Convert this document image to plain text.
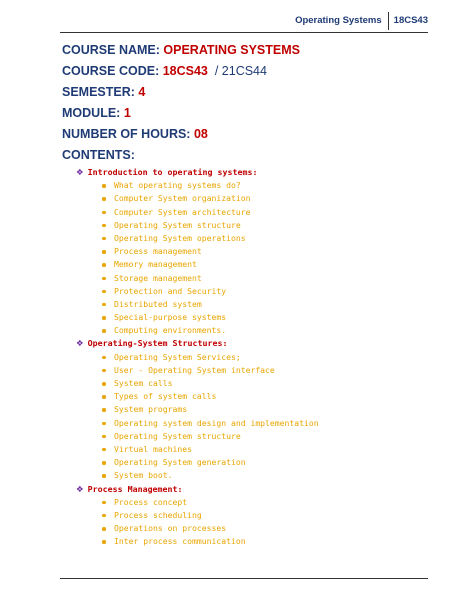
Operating Systems	18CS43
COURSE NAME: OPERATING SYSTEMS
COURSE CODE: 18CS43 / 21CS44
SEMESTER: 4
MODULE: 1
NUMBER OF HOURS: 08
CONTENTS:
❖ Introduction to operating systems:
What operating systems do?
Computer System organization
Computer System architecture
Operating System structure
Operating System operations
Process management
Memory management
Storage management
Protection and Security
Distributed system
Special-purpose systems
Computing environments.
❖ Operating-System Structures:
Operating System Services;
User - Operating System interface
System calls
Types of system calls
System programs
Operating system design and implementation
Operating System structure
Virtual machines
Operating System generation
System boot.
❖ Process Management:
Process concept
Process scheduling
Operations on processes
Inter process communication
